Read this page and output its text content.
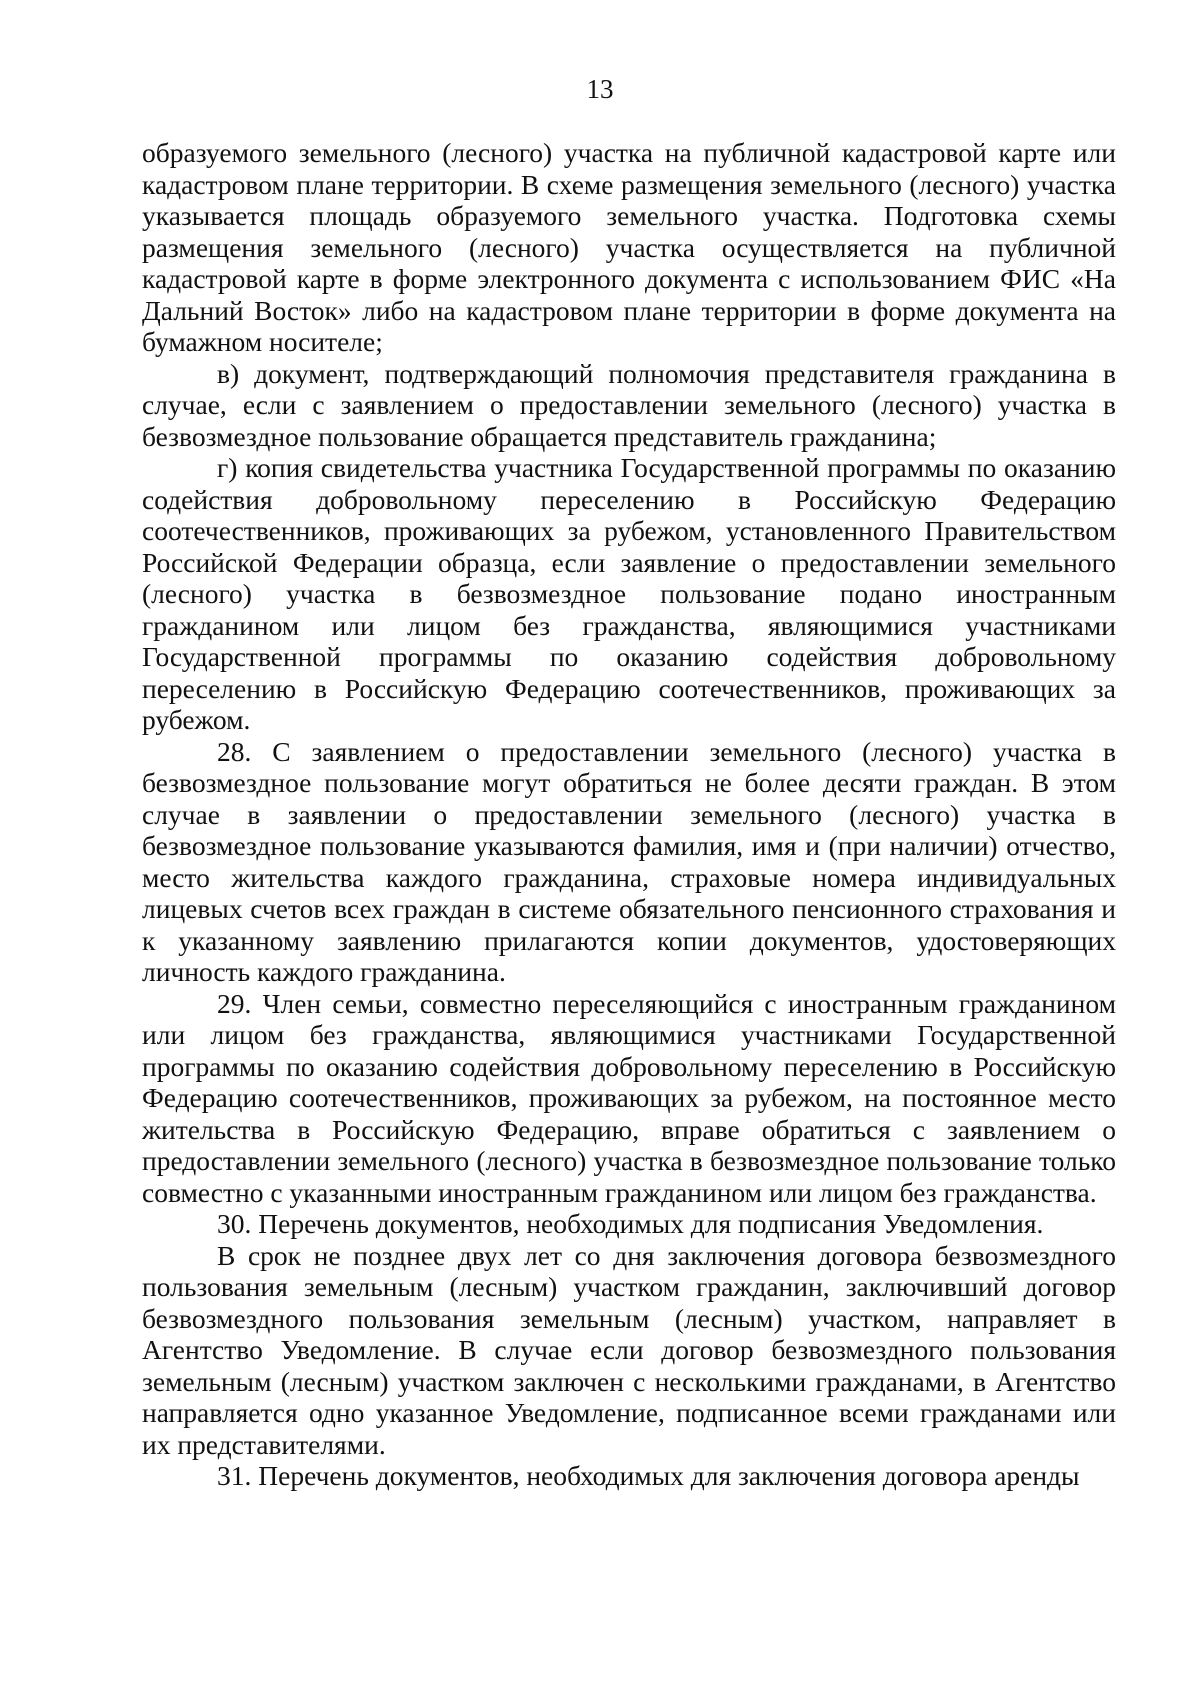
13

образуемого земельного (лесного) участка на публичной кадастровой карте или кадастровом плане территории. В схеме размещения земельного (лесного) участка указывается площадь образуемого земельного участка. Подготовка схемы размещения земельного (лесного) участка осуществляется на публичной кадастровой карте в форме электронного документа с использованием ФИС «На Дальний Восток» либо на кадастровом плане территории в форме документа на бумажном носителе;

в) документ, подтверждающий полномочия представителя гражданина в случае, если с заявлением о предоставлении земельного (лесного) участка в безвозмездное пользование обращается представитель гражданина;

г) копия свидетельства участника Государственной программы по оказанию содействия добровольному переселению в Российскую Федерацию соотечественников, проживающих за рубежом, установленного Правительством Российской Федерации образца, если заявление о предоставлении земельного (лесного) участка в безвозмездное пользование подано иностранным гражданином или лицом без гражданства, являющимися участниками Государственной программы по оказанию содействия добровольному переселению в Российскую Федерацию соотечественников, проживающих за рубежом.

28. С заявлением о предоставлении земельного (лесного) участка в безвозмездное пользование могут обратиться не более десяти граждан. В этом случае в заявлении о предоставлении земельного (лесного) участка в безвозмездное пользование указываются фамилия, имя и (при наличии) отчество, место жительства каждого гражданина, страховые номера индивидуальных лицевых счетов всех граждан в системе обязательного пенсионного страхования и к указанному заявлению прилагаются копии документов, удостоверяющих личность каждого гражданина.

29. Член семьи, совместно переселяющийся с иностранным гражданином или лицом без гражданства, являющимися участниками Государственной программы по оказанию содействия добровольному переселению в Российскую Федерацию соотечественников, проживающих за рубежом, на постоянное место жительства в Российскую Федерацию, вправе обратиться с заявлением о предоставлении земельного (лесного) участка в безвозмездное пользование только совместно с указанными иностранным гражданином или лицом без гражданства.

30. Перечень документов, необходимых для подписания Уведомления.

В срок не позднее двух лет со дня заключения договора безвозмездного пользования земельным (лесным) участком гражданин, заключивший договор безвозмездного пользования земельным (лесным) участком, направляет в Агентство Уведомление. В случае если договор безвозмездного пользования земельным (лесным) участком заключен с несколькими гражданами, в Агентство направляется одно указанное Уведомление, подписанное всеми гражданами или их представителями.

31. Перечень документов, необходимых для заключения договора аренды
